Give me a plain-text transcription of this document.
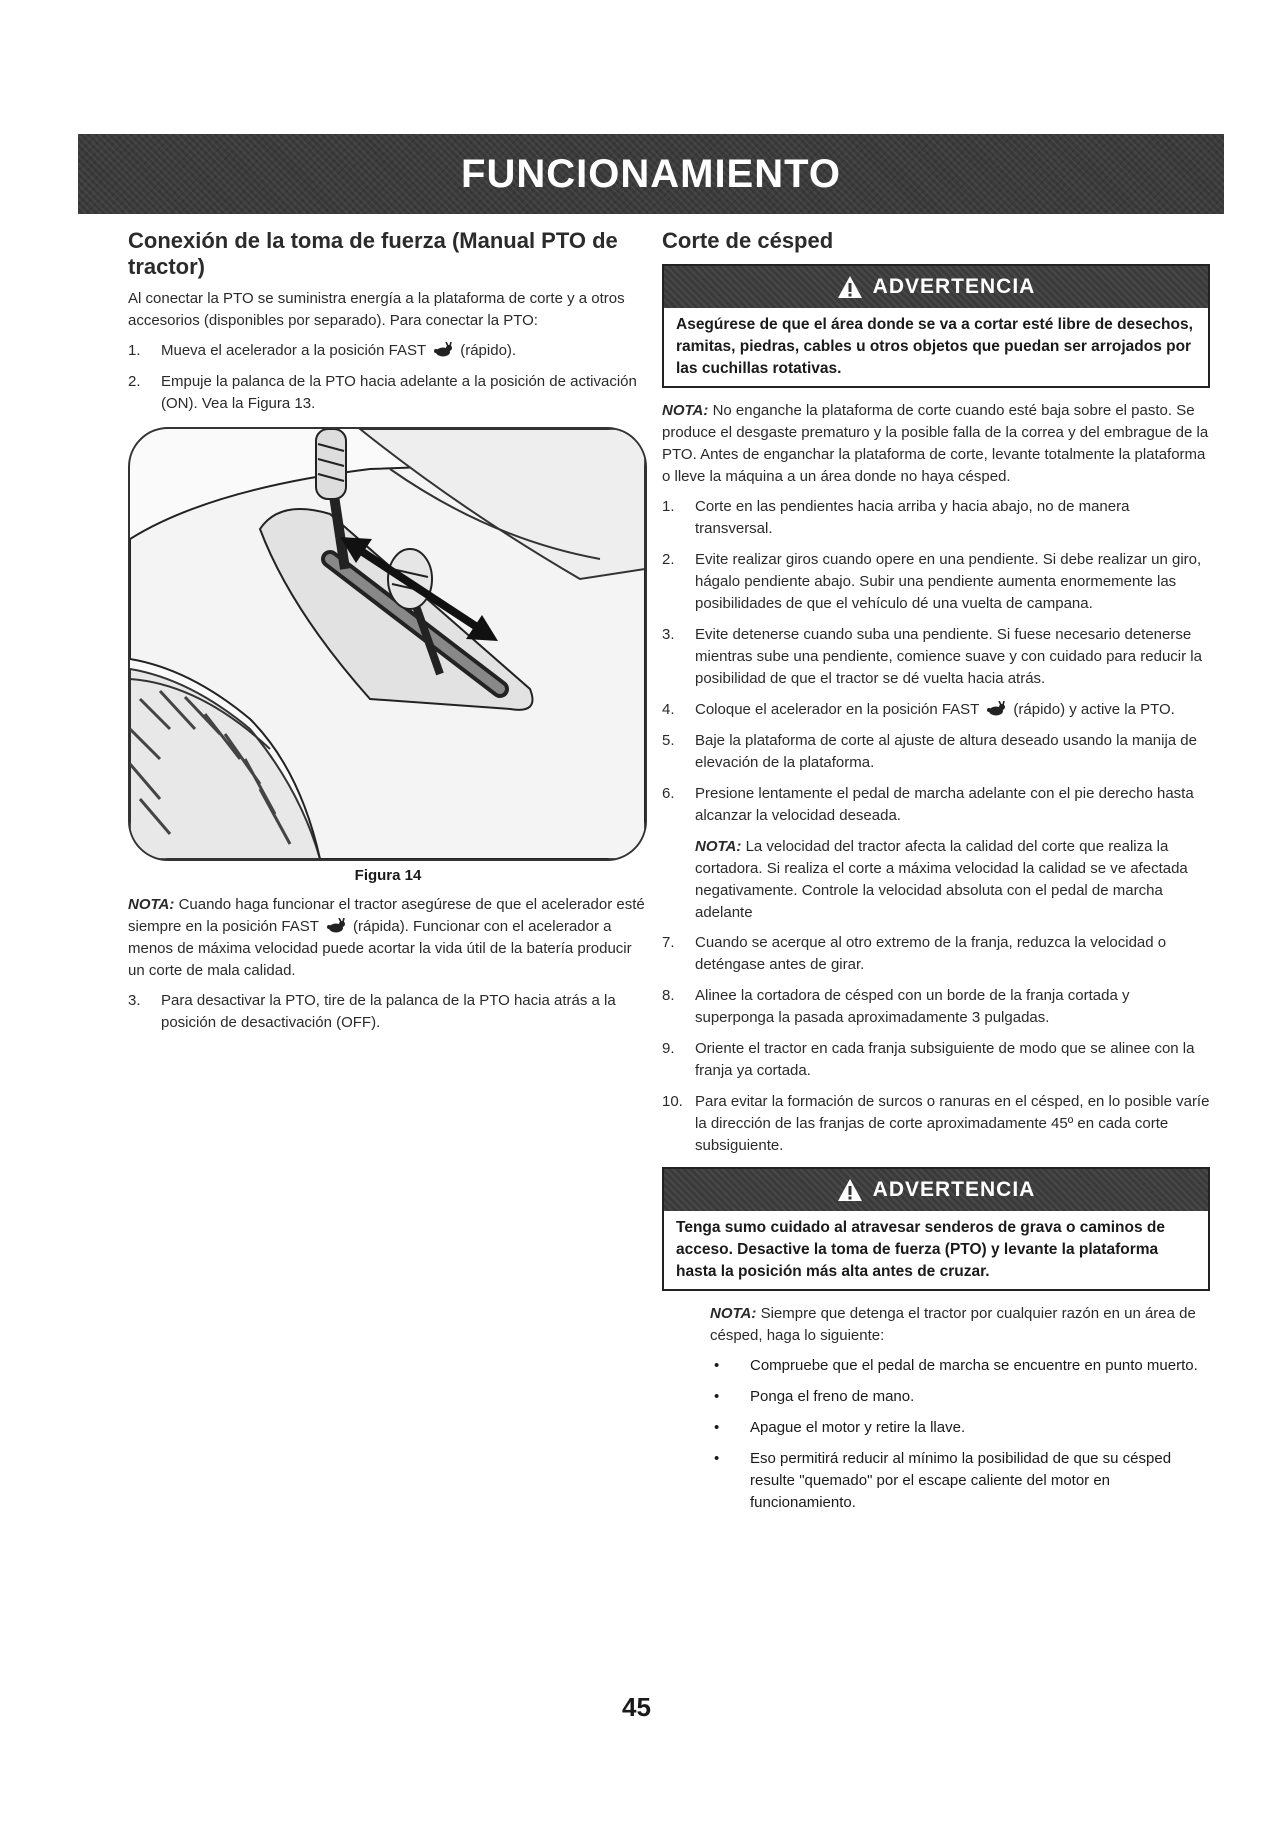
FUNCIONAMIENTO
Conexión de la toma de fuerza (Manual PTO de tractor)

Al conectar la PTO se suministra energía a la plataforma de corte y a otros accesorios (disponibles por separado). Para conectar la PTO:

1.	Mueva el acelerador a la posición FAST (rápido).
2.	Empuje la palanca de la PTO hacia adelante a la posición de activación (ON). Vea la Figura 13.
Figura 14

NOTA: Cuando haga funcionar el tractor asegúrese de que el acelerador esté siempre en la posición FAST (rápida). Funcionar con el acelerador a menos de máxima velocidad puede acortar la vida útil de la batería producir un corte de mala calidad.

3.	Para desactivar la PTO, tire de la palanca de la PTO hacia atrás a la posición de desactivación (OFF).
Corte de césped
ADVERTENCIA
Asegúrese de que el área donde se va a cortar esté libre de desechos, ramitas, piedras, cables u otros objetos que puedan ser arrojados por las cuchillas rotativas.

NOTA: No enganche la plataforma de corte cuando esté baja sobre el pasto. Se produce el desgaste prematuro y la posible falla de la correa y del embrague de la PTO. Antes de enganchar la plataforma de corte, levante totalmente la plataforma o lleve la máquina a un área donde no haya césped.

1.	Corte en las pendientes hacia arriba y hacia abajo, no de manera transversal.
2.	Evite realizar giros cuando opere en una pendiente. Si debe realizar un giro, hágalo pendiente abajo. Subir una pendiente aumenta enormemente las posibilidades de que el vehículo dé una vuelta de campana.
3.	Evite detenerse cuando suba una pendiente. Si fuese necesario detenerse mientras sube una pendiente, comience suave y con cuidado para reducir la posibilidad de que el tractor se dé vuelta hacia atrás.
4.	Coloque el acelerador en la posición FAST (rápido) y active la PTO.
5.	Baje la plataforma de corte al ajuste de altura deseado usando la manija de elevación de la plataforma.
6.	Presione lentamente el pedal de marcha adelante con el pie derecho hasta alcanzar la velocidad deseada.

NOTA: La velocidad del tractor afecta la calidad del corte que realiza la cortadora. Si realiza el corte a máxima velocidad la calidad se ve afectada negativamente. Controle la velocidad absoluta con el pedal de marcha adelante

7.	Cuando se acerque al otro extremo de la franja, reduzca la velocidad o deténgase antes de girar.
8.	Alinee la cortadora de césped con un borde de la franja cortada y superponga la pasada aproximadamente 3 pulgadas.
9.	Oriente el tractor en cada franja subsiguiente de modo que se alinee con la franja ya cortada.
10. Para evitar la formación de surcos o ranuras en el césped, en lo posible varíe la dirección de las franjas de corte aproximadamente 45º en cada corte subsiguiente.
ADVERTENCIA
Tenga sumo cuidado al atravesar senderos de grava o caminos de acceso. Desactive la toma de fuerza (PTO) y levante la plataforma hasta la posición más alta antes de cruzar.

NOTA: Siempre que detenga el tractor por cualquier razón en un área de césped, haga lo siguiente:

•	Compruebe que el pedal de marcha se encuentre en punto muerto.
•	Ponga el freno de mano.
•	Apague el motor y retire la llave.
•	Eso permitirá reducir al mínimo la posibilidad de que su césped resulte "quemado" por el escape caliente del motor en funcionamiento.
45
